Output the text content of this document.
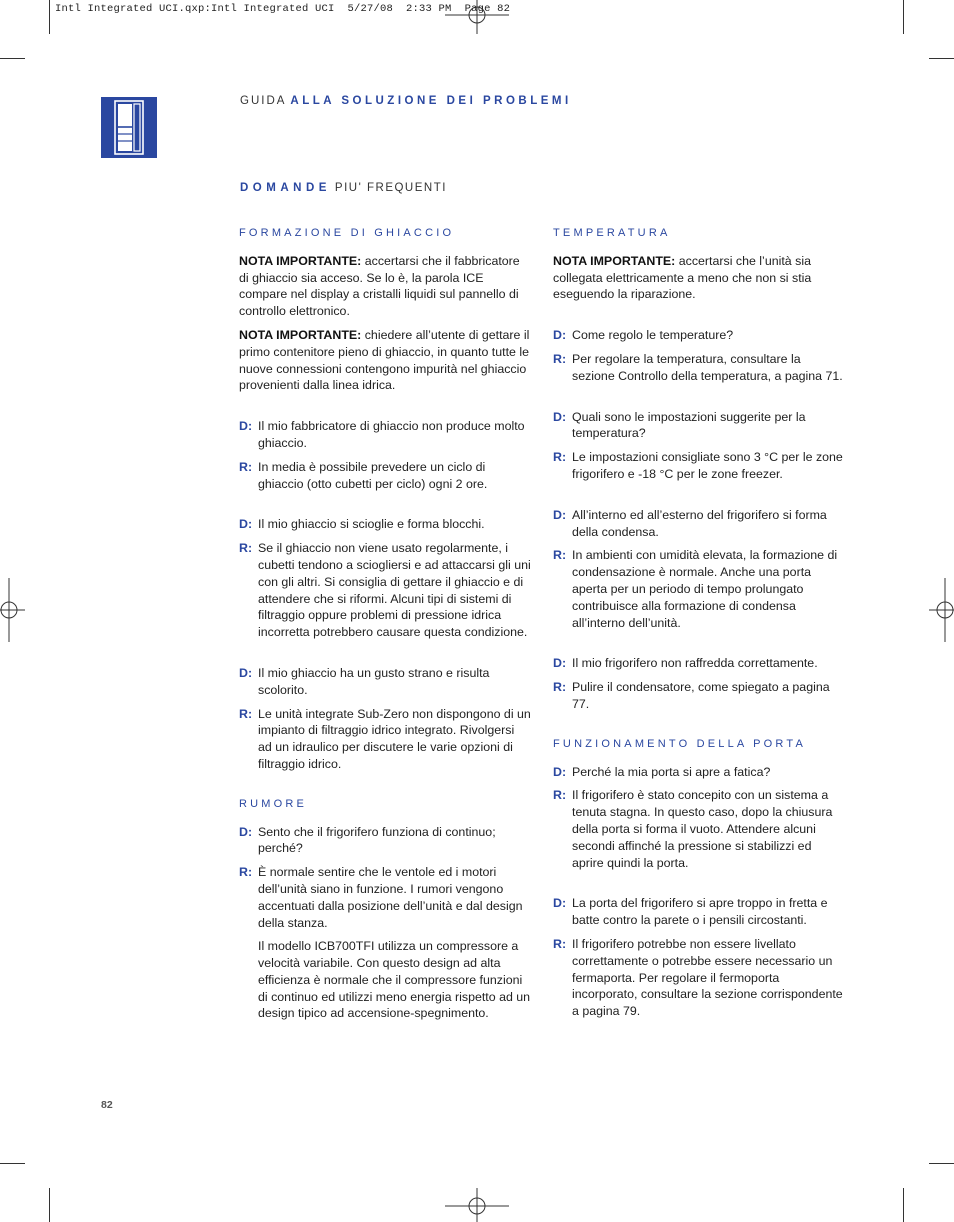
Intl Integrated UCI.qxp:Intl Integrated UCI  5/27/08  2:33 PM  Page 82
GUIDA ALLA SOLUZIONE DEI PROBLEMI
DOMANDE PIU' FREQUENTI
FORMAZIONE DI GHIACCIO
NOTA IMPORTANTE: accertarsi che il fabbricatore di ghiaccio sia acceso. Se lo è, la parola ICE compare nel display a cristalli liquidi sul pannello di controllo elettronico.
NOTA IMPORTANTE: chiedere all’utente di gettare il primo contenitore pieno di ghiaccio, in quanto tutte le nuove connessioni contengono impurità nel ghiaccio provenienti dalla linea idrica.
D: Il mio fabbricatore di ghiaccio non produce molto ghiaccio.
R: In media è possibile prevedere un ciclo di ghiaccio (otto cubetti per ciclo) ogni 2 ore.
D: Il mio ghiaccio si scioglie e forma blocchi.
R: Se il ghiaccio non viene usato regolarmente, i cubetti tendono a sciogliersi e ad attaccarsi gli uni con gli altri. Si consiglia di gettare il ghiaccio e di attendere che si riformi. Alcuni tipi di sistemi di filtraggio oppure problemi di pressione idrica incorretta potrebbero causare questa condizione.
D: Il mio ghiaccio ha un gusto strano e risulta scolorito.
R: Le unità integrate Sub-Zero non dispongono di un impianto di filtraggio idrico integrato. Rivolgersi ad un idraulico per discutere le varie opzioni di filtraggio idrico.
RUMORE
D: Sento che il frigorifero funziona di continuo; perché?
R: È normale sentire che le ventole ed i motori dell’unità siano in funzione. I rumori vengono accentuati dalla posizione dell’unità e dal design della stanza.
Il modello ICB700TFI utilizza un compressore a velocità variabile. Con questo design ad alta efficienza è normale che il compressore funzioni di continuo ed utilizzi meno energia rispetto ad un design tipico ad accensione-spegnimento.
TEMPERATURA
NOTA IMPORTANTE: accertarsi che l’unità sia collegata elettricamente a meno che non si stia eseguendo la riparazione.
D: Come regolo le temperature?
R: Per regolare la temperatura, consultare la sezione Controllo della temperatura, a pagina 71.
D: Quali sono le impostazioni suggerite per la temperatura?
R: Le impostazioni consigliate sono 3 °C per le zone frigorifero e -18 °C per le zone freezer.
D: All’interno ed all’esterno del frigorifero si forma della condensa.
R: In ambienti con umidità elevata, la formazione di condensazione è normale. Anche una porta aperta per un periodo di tempo prolungato contribuisce alla formazione di condensa all’interno dell’unità.
D: Il mio frigorifero non raffredda correttamente.
R: Pulire il condensatore, come spiegato a pagina 77.
FUNZIONAMENTO DELLA PORTA
D: Perché la mia porta si apre a fatica?
R: Il frigorifero è stato concepito con un sistema a tenuta stagna. In questo caso, dopo la chiusura della porta si forma il vuoto. Attendere alcuni secondi affinché la pressione si stabilizzi ed aprire quindi la porta.
D: La porta del frigorifero si apre troppo in fretta e batte contro la parete o i pensili circostanti.
R: Il frigorifero potrebbe non essere livellato correttamente o potrebbe essere necessario un fermaporta. Per regolare il fermoporta incorporato, consultare la sezione corrispondente a pagina 79.
82
